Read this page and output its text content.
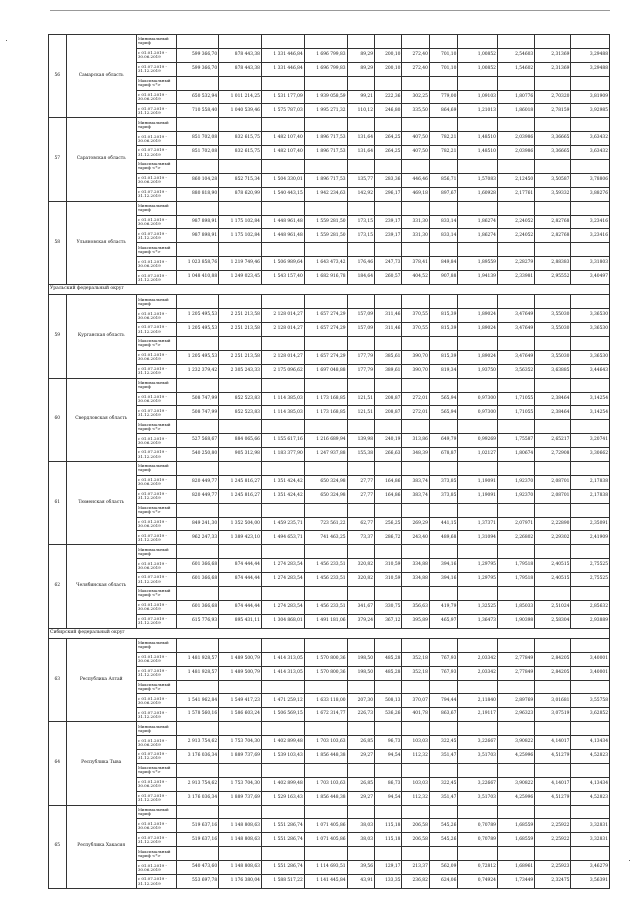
56	Самарская область	Минимальный тариф												

		с 01.01.2019 - 30.06.2019	599 366,70	878 443,38	1 331 446,84	1 696 799,83	89,29	200,10	272,40	701,10	1,00852	2,54603	2,31369	3,29488

		с 01.07.2019 - 31.12.2019	599 366,70	878 443,38	1 331 446,84	1 696 799,83	89,29	200,10	272,40	701,10	1,00852	1,54602	2,31369	3,29488

		Максимальный тариф <*>												

		с 01.01.2019 - 30.06.2019	650 532,94	1 011 214,25	1 531 177,09	1 939 058,59	99,21	222,36	302,25	779,00	1,09103	1,80776	2,70320	3,81909

		с 01.07.2019 - 31.12.2019	710 558,40	1 040 539,46	1 575 787,03	1 995 271,32	110,12	246,80	335,50	864,69	1,21013	1,86018	2,78159	3,92985
57	Саратовская область	Минимальный тариф												

		с 01.01.2019 - 30.06.2019	851 702,08	832 615,75	1 482 107,40	1 896 717,53	131,64	264,25	407,50	782,21	1,48510	2,03986	3,36665	3,63432

		с 01.07.2019 - 31.12.2019	851 702,08	832 615,75	1 482 107,40	1 896 717,53	131,64	264,25	407,50	782,21	1,48510	2,03986	3,36665	3,63432

		Максимальный тариф <*>												

		с 01.01.2019 - 30.06.2019	860 104,28	852 715,34	1 504 330,01	1 896 717,53	135,77	283,36	446,46	856,71	1,57083	2,12450	3,50587	3,78806

		с 01.07.2019 - 31.12.2019	880 818,90	878 620,99	1 540 443,15	1 942 234,63	142,92	296,17	469,18	897,67	1,60928	2,17761	3,59332	3,88276
58	Ульяновская область	Минимальный тариф												

		с 01.01.2019 - 30.06.2019	987 898,91	1 175 102,84	1 448 961,48	1 559 281,50	173,15	239,17	331,30	833,14	1,86274	2,24052	2,82768	3,23416

		с 01.07.2019 - 31.12.2019	987 898,91	1 175 102,84	1 448 961,48	1 559 281,50	173,15	239,17	331,30	833,14	1,86274	2,24052	2,82768	3,23416

		Максимальный тариф <*>												

		с 01.01.2019 - 30.06.2019	1 023 858,76	1 219 749,46	1 506 989,64	1 643 473,42	176,46	247,73	378,41	849,84	1,89559	2,28279	2,88383	3,31803

		с 01.07.2019 - 31.12.2019	1 048 410,88	1 249 023,45	1 543 157,40	1 682 916,78	184,64	260,57	404,52	907,88	1,94139	2,33981	2,95552	3,40497
Уральский федеральный округ														
59	Курганская область	Минимальный тариф												

		с 01.01.2019 - 30.06.2019	1 205 495,53	2 251 213,58	2 128 014,27	1 657 274,29	157,09	311,46	370,55	815,39	1,89024	3,47649	3,55030	3,36530

		с 01.07.2019 - 31.12.2019	1 205 495,53	2 251 213,58	2 128 014,27	1 657 274,29	157,09	311,46	370,55	815,39	1,89024	3,47649	3,55030	3,36530

		Максимальный тариф <*>												

		с 01.01.2019 - 30.06.2019	1 205 495,53	2 251 213,58	2 128 014,27	1 657 274,29	177,79	385,61	390,70	815,39	1,89024	3,47649	3,55030	3,36530

		с 01.07.2019 - 31.12.2019	1 232 379,42	2 305 243,33	2 175 096,62	1 697 048,88	177,79	389,61	390,70	819,34	1,93750	3,56352	3,63885	3,44643
60	Свердловская область	Минимальный тариф												

		с 01.01.2019 - 30.06.2019	508 747,99	852 523,83	1 114 385,03	1 173 168,85	121,51	208,87	272,01	565,94	0,97300	1,71055	2,38464	3,14254

		с 01.07.2019 - 31.12.2019	508 747,99	852 523,83	1 114 385,03	1 173 168,85	121,51	208,87	272,01	565,94	0,97300	1,71055	2,38464	3,14254

		Максимальный тариф <*>												

		с 01.01.2019 - 30.06.2019	527 568,67	884 065,66	1 155 617,16	1 216 689,94	139,98	240,19	313,86	649,79	0,99269	1,75587	2,65217	3,20741

		с 01.07.2019 - 31.12.2019	540 250,80	905 312,98	1 183 377,90	1 247 937,88	155,38	266,63	348,39	678,87	1,02127	1,80674	2,72908	3,30662
61	Тюменская область	Минимальный тариф												

		с 01.01.2019 - 30.06.2019	820 449,77	1 245 816,27	1 351 424,42	650 324,98	27,77	164,86	383,74	373,85	1,19091	1,92370	2,08701	2,17838

		с 01.07.2019 - 31.12.2019	820 449,77	1 245 816,27	1 351 424,42	650 324,98	27,77	164,86	383,74	373,85	1,19091	1,92370	2,08701	2,17838

		Максимальный тариф <*>												

		с 01.01.2019 - 30.06.2019	849 241,30	1 352 504,00	1 459 235,71	723 561,22	62,77	256,25	269,29	441,15	1,37371	2,07971	2,22890	2,35091

		с 01.07.2019 - 31.12.2019	962 247,33	1 389 423,10	1 494 653,71	741 463,25	73,37	286,72	243,40	489,68	1,31094	2,26802	2,29302	2,41909
62	Челябинская область	Минимальный тариф												

		с 01.01.2019 - 30.06.2019	601 366,68	874 444,44	1 274 283,54	1 456 233,51	320,82	310,59	334,88	394,16	1,29795	1,79518	2,40515	2,75525

		с 01.07.2019 - 31.12.2019	601 366,68	874 444,44	1 274 283,54	1 456 233,51	320,82	310,59	334,88	394,16	1,29795	1,79518	2,40515	2,75525

		Максимальный тариф <*>												

		с 01.01.2019 - 30.06.2019	601 366,68	874 444,44	1 274 283,54	1 456 233,51	341,67	330,75	356,63	419,79	1,32525	1,85033	2,51024	2,85632

		с 01.07.2019 - 31.12.2019	615 776,93	895 431,11	1 304 868,01	1 491 181,06	379,24	367,12	395,89	465,97	1,36473	1,90398	2,58304	2,93889
Сибирский федеральный округ														
63	Республика Алтай	Минимальный тариф												

		с 01.01.2019 - 30.06.2019	1 481 928,57	1 489 500,79	1 414 313,05	1 570 800,36	198,50	485,28	352,18	767,93	2,03342	2,77849	2,84205	3,40001

		с 01.07.2019 - 31.12.2019	1 481 928,57	1 489 500,79	1 414 313,05	1 570 800,36	198,50	485,28	352,18	767,93	2,03342	2,77849	2,84205	3,40001

		Максимальный тариф <*>												

		с 01.01.2019 - 30.06.2019	1 541 962,84	1 549 417,23	1 471 259,12	1 633 118,00	207,30	508,13	370,07	794,44	2,11840	2,89769	3,01681	3,55758

		с 01.07.2019 - 31.12.2019	1 578 560,16	1 586 603,24	1 506 569,15	1 672 314,77	226,73	536,26	401,78	863,67	2,19117	2,96323	3,07519	3,62852
64	Республика Тыва	Минимальный тариф												

		с 01.01.2019 - 30.06.2019	2 913 754,62	1 753 704,30	1 402 899,48	1 703 103,63	26,85	96,73	103,03	322,45	3,22667	3,90822	4,14017	4,13434

		с 01.07.2019 - 31.12.2019	3 176 036,34	1 889 737,69	1 539 103,43	1 856 448,38	29,27	94,54	112,32	351,47	3,51703	4,25996	4,51279	4,52823

		Максимальный тариф <*>												

		с 01.01.2019 - 30.06.2019	2 913 754,62	1 753 704,30	1 402 899,48	1 703 103,63	26,85	86,73	103,03	322,45	3,22667	3,90822	4,14017	4,13434

		с 01.07.2019 - 31.12.2019	3 176 036,34	1 889 737,69	1 529 163,43	1 856 448,38	29,27	94,54	112,32	351,47	3,51703	4,25996	4,51279	4,52823
65	Республика Хакасия	Минимальный тариф												

		с 01.01.2019 - 30.06.2019	519 637,16	1 148 808,63	1 551 286,74	1 071 405,86	38,03	115,18	206,58	545,26	0,70789	1,68559	2,25922	3,32831

		с 01.07.2019 - 31.12.2019	519 637,16	1 148 808,63	1 551 286,74	1 071 405,86	38,03	115,18	206,58	545,26	0,70789	1,68559	2,25922	3,32831

		Максимальный тариф <*>												

		с 01.01.2019 - 30.06.2019	540 473,60	1 148 808,63	1 551 286,74	1 114 693,51	39,56	129,17	213,37	562,09	0,72812	1,68961	2,25923	3,46279

		с 01.07.2019 - 31.12.2019	553 697,78	1 176 380,04	1 588 517,22	1 141 445,84	43,91	133,35	236,82	624,06	0,74924	1,73449	2,32475	3,56391
